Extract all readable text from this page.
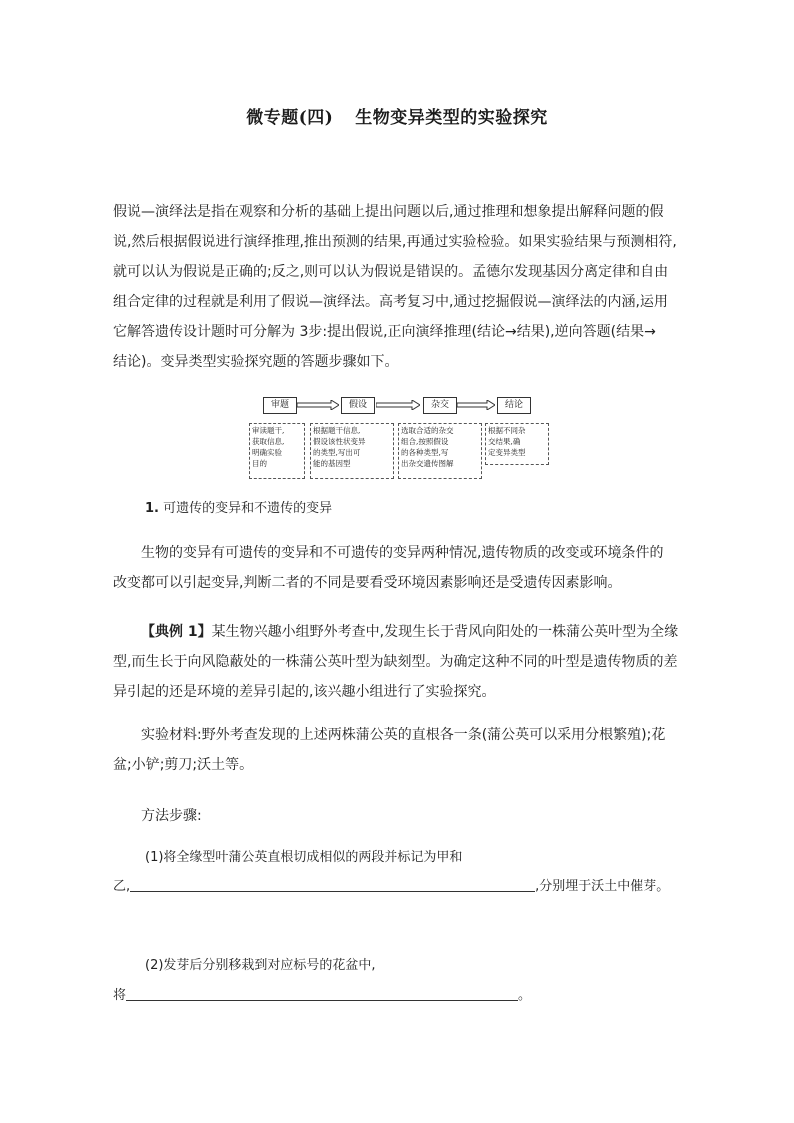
微专题(四) 生物变异类型的实验探究
假说—演绎法是指在观察和分析的基础上提出问题以后,通过推理和想象提出解释问题的假
说,然后根据假说进行演绎推理,推出预测的结果,再通过实验检验。如果实验结果与预测相符,
就可以认为假说是正确的;反之,则可以认为假说是错误的。孟德尔发现基因分离定律和自由
组合定律的过程就是利用了假说—演绎法。高考复习中,通过挖掘假说—演绎法的内涵,运用
它解答遗传设计题时可分解为 3步:提出假说,正向演绎推理(结论→结果),逆向答题(结果→
结论)。变异类型实验探究题的答题步骤如下。
审题	假设	杂交	结论
审读题干,
获取信息,
明确实验
目的
根据题干信息,
假设该性状变异
的类型,写出可
能的基因型
选取合适的杂交
组合,按照假设
的各种类型,写
出杂交遗传图解
根据不同杂
交结果,确
定变异类型
1. 可遗传的变异和不遗传的变异
生物的变异有可遗传的变异和不可遗传的变异两种情况,遗传物质的改变或环境条件的
改变都可以引起变异,判断二者的不同是要看受环境因素影响还是受遗传因素影响。
【典例 1】某生物兴趣小组野外考查中,发现生长于背风向阳处的一株蒲公英叶型为全缘
型,而生长于向风隐蔽处的一株蒲公英叶型为缺刻型。为确定这种不同的叶型是遗传物质的差
异引起的还是环境的差异引起的,该兴趣小组进行了实验探究。
实验材料:野外考查发现的上述两株蒲公英的直根各一条(蒲公英可以采用分根繁殖);花
盆;小铲;剪刀;沃土等。
方法步骤:
(1)将全缘型叶蒲公英直根切成相似的两段并标记为甲和
乙,	,分别埋于沃土中催芽。
(2)发芽后分别移栽到对应标号的花盆中,
将	。
